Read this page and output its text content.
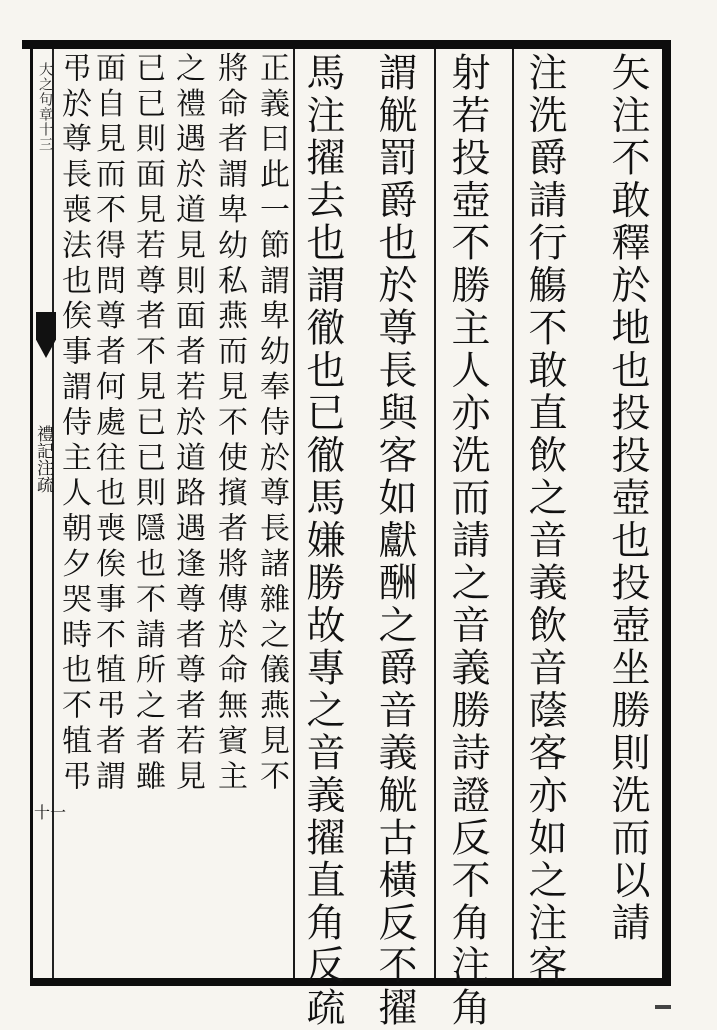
大之句章十三
禮記注疏
十一	矢注不敢釋於地也投投壺也投壺坐勝則洗而以請
注洗爵請行觴不敢直飲之音義飲音蔭客亦如之注客
射若投壺不勝主人亦洗而請之音義勝詩證反不角注角
謂觥罰爵也於尊長與客如獻酬之爵音義觥古橫反不擢
馬注擢去也謂徹也已徹馬嫌勝故專之音義擢直角反疏
正義曰此一節謂卑幼奉侍於尊長諸雜之儀燕見不
將命者謂卑幼私燕而見不使擯者將傳於命無賓主
之禮遇於道見則面者若於道路遇逢尊者尊者若見
已已則面見若尊者不見已已則隱也不請所之者雖
面自見而不得問尊者何處往也喪俟事不犆弔者謂
弔於尊長喪法也俟事謂侍主人朝夕哭時也不犆弔
